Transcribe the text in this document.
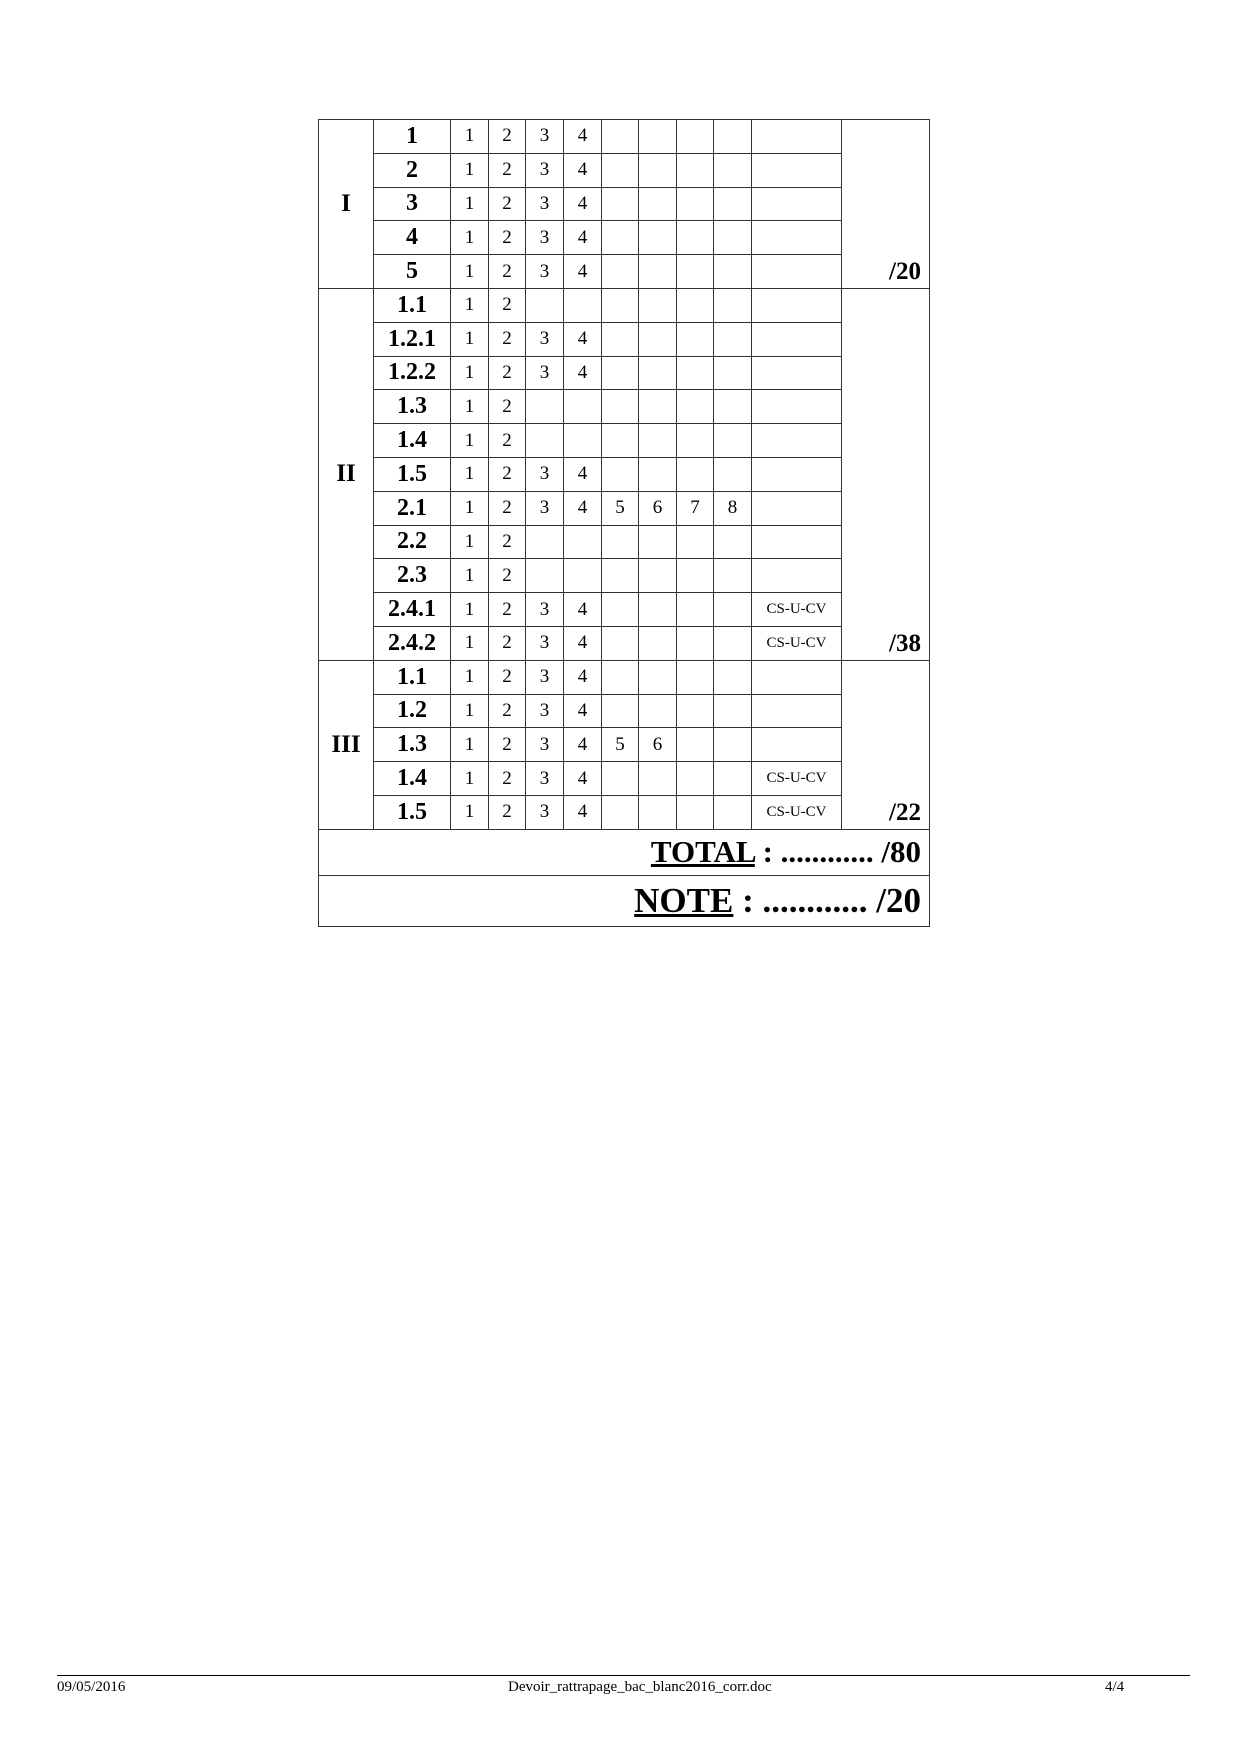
I	1	1	2	3	4						/20
	2	1	2	3	4						
	3	1	2	3	4						
	4	1	2	3	4						
	5	1	2	3	4						
II	1.1	1	2								/38
	1.2.1	1	2	3	4						
	1.2.2	1	2	3	4						
	1.3	1	2								
	1.4	1	2								
	1.5	1	2	3	4						
	2.1	1	2	3	4	5	6	7	8		
	2.2	1	2								
	2.3	1	2								
	2.4.1	1	2	3	4					CS-U-CV	
	2.4.2	1	2	3	4					CS-U-CV	
III	1.1	1	2	3	4						/22
	1.2	1	2	3	4						
	1.3	1	2	3	4	5	6				
	1.4	1	2	3	4					CS-U-CV	
	1.5	1	2	3	4					CS-U-CV	
TOTAL : ............ /80											
NOTE : ............ /20											
09/05/2016	Devoir_rattrapage_bac_blanc2016_corr.doc	4/4
